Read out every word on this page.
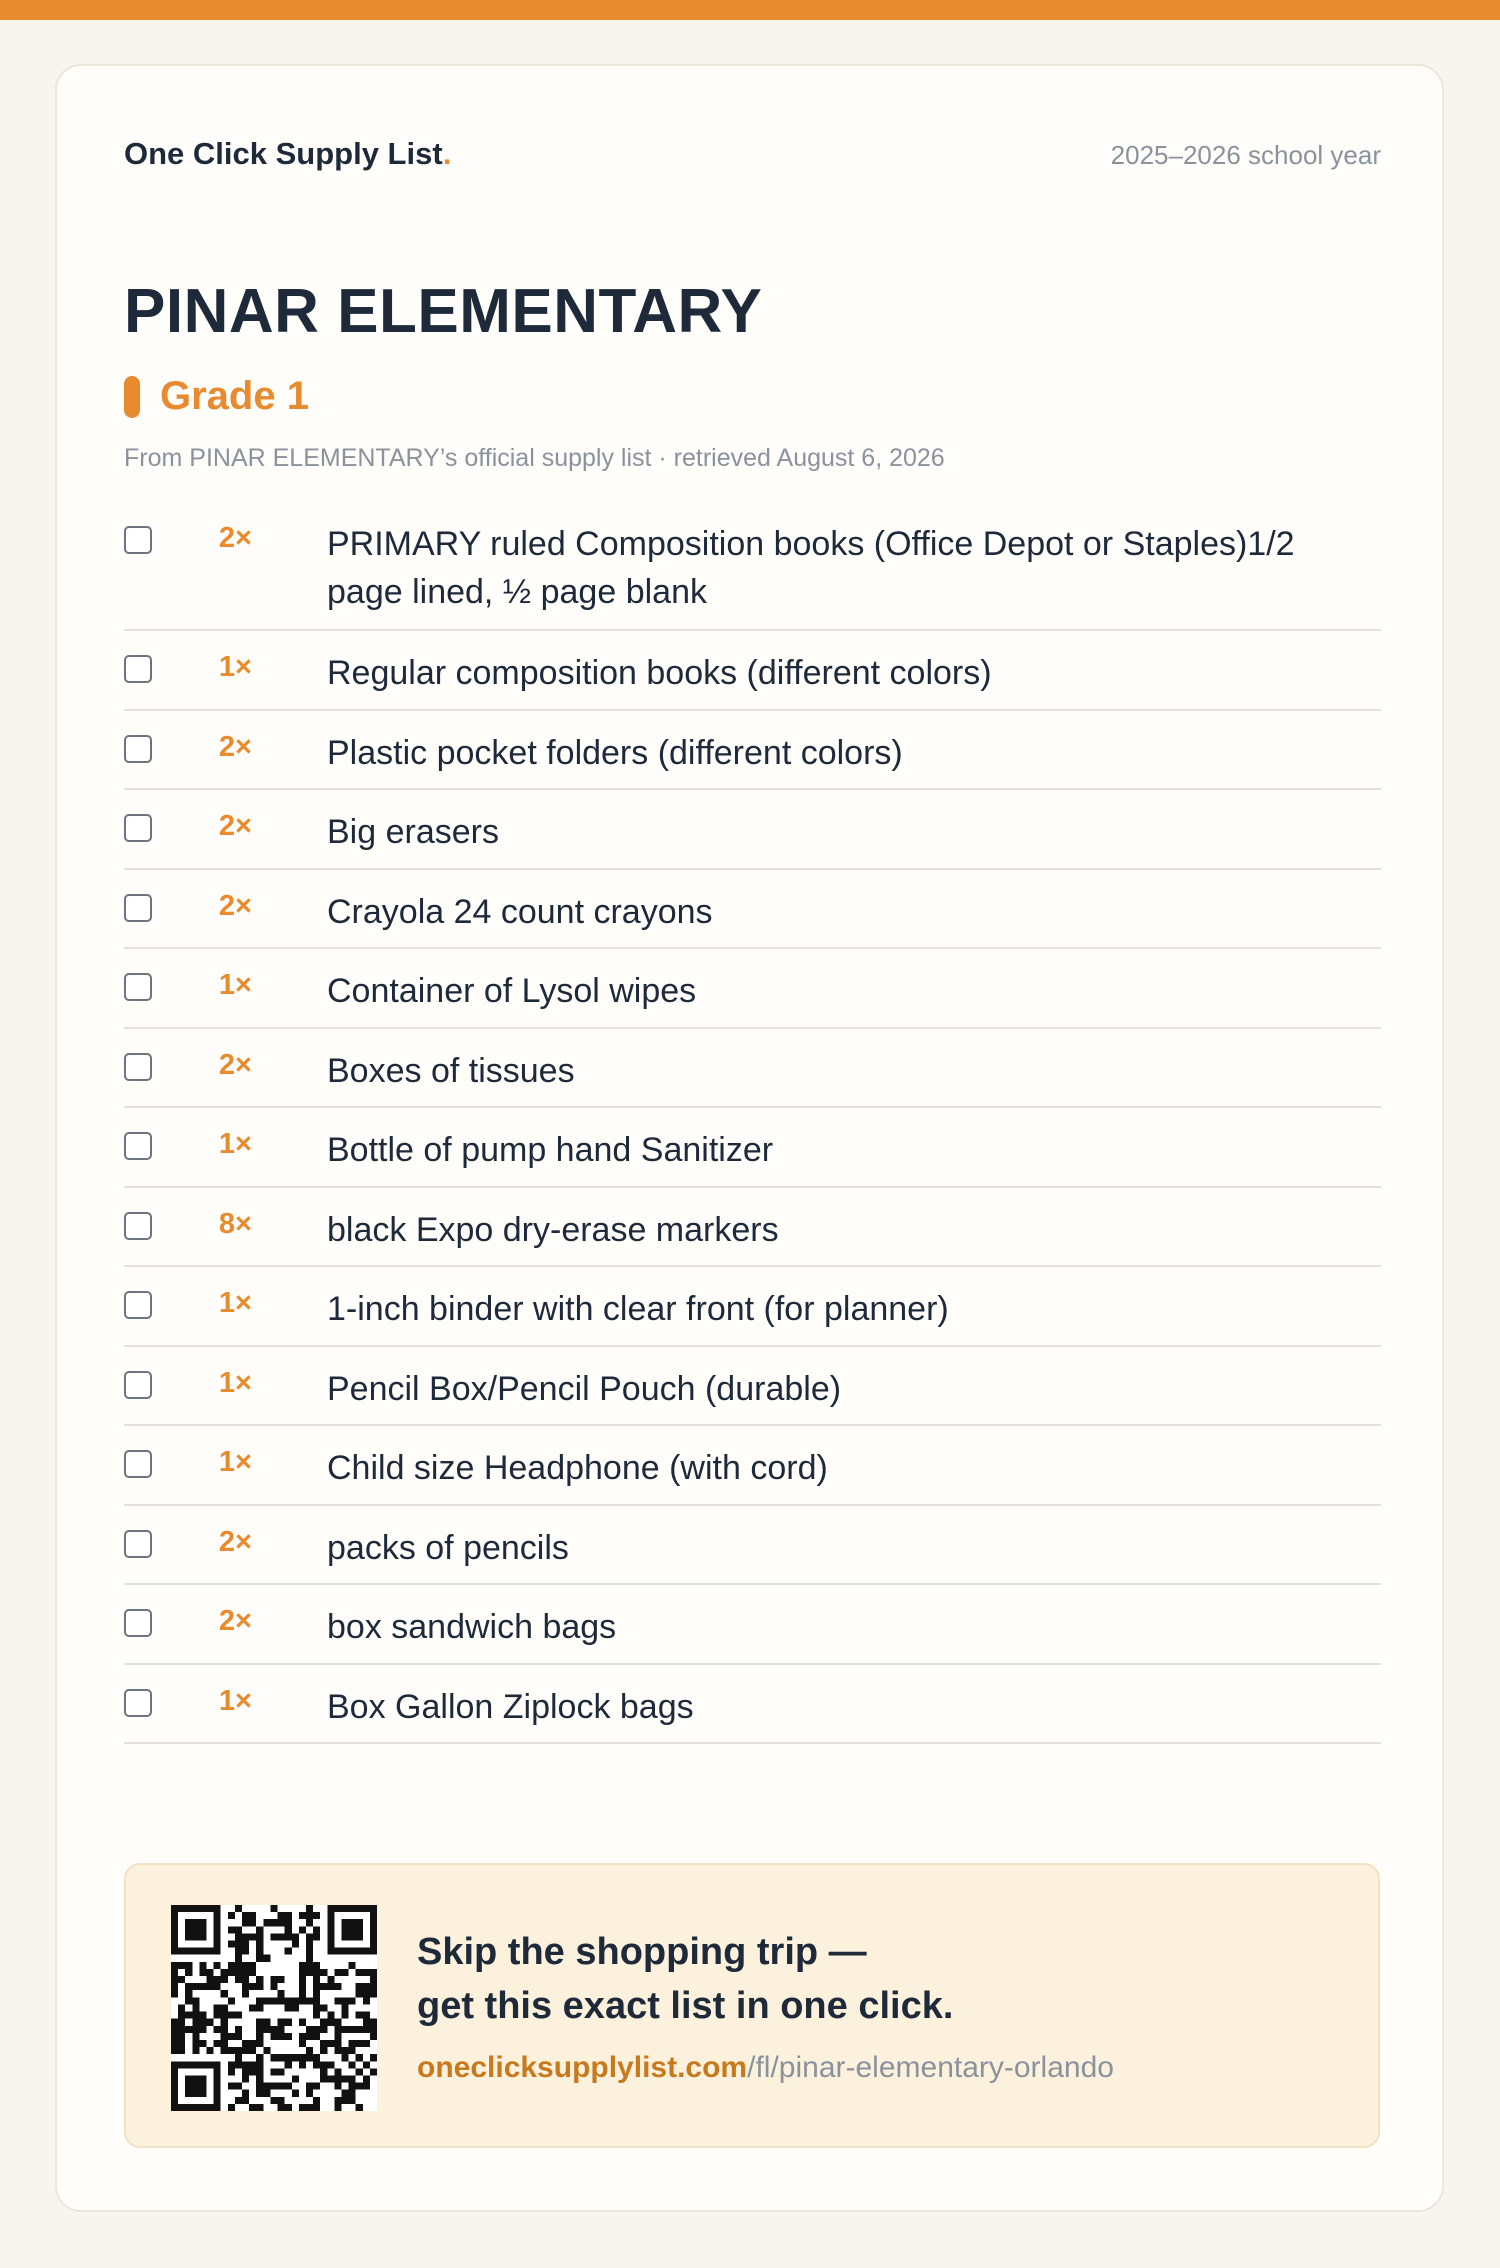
One Click Supply List.	2025–2026 school year
PINAR ELEMENTARY
Grade 1
From PINAR ELEMENTARY’s official supply list · retrieved August 6, 2026
2× PRIMARY ruled Composition books (Office Depot or Staples)1/2 page lined, ½ page blank
1× Regular composition books (different colors)
2× Plastic pocket folders (different colors)
2× Big erasers
2× Crayola 24 count crayons
1× Container of Lysol wipes
2× Boxes of tissues
1× Bottle of pump hand Sanitizer
8× black Expo dry-erase markers
1× 1-inch binder with clear front (for planner)
1× Pencil Box/Pencil Pouch (durable)
1× Child size Headphone (with cord)
2× packs of pencils
2× box sandwich bags
1× Box Gallon Ziplock bags
Skip the shopping trip —
get this exact list in one click.
oneclicksupplylist.com/fl/pinar-elementary-orlando
